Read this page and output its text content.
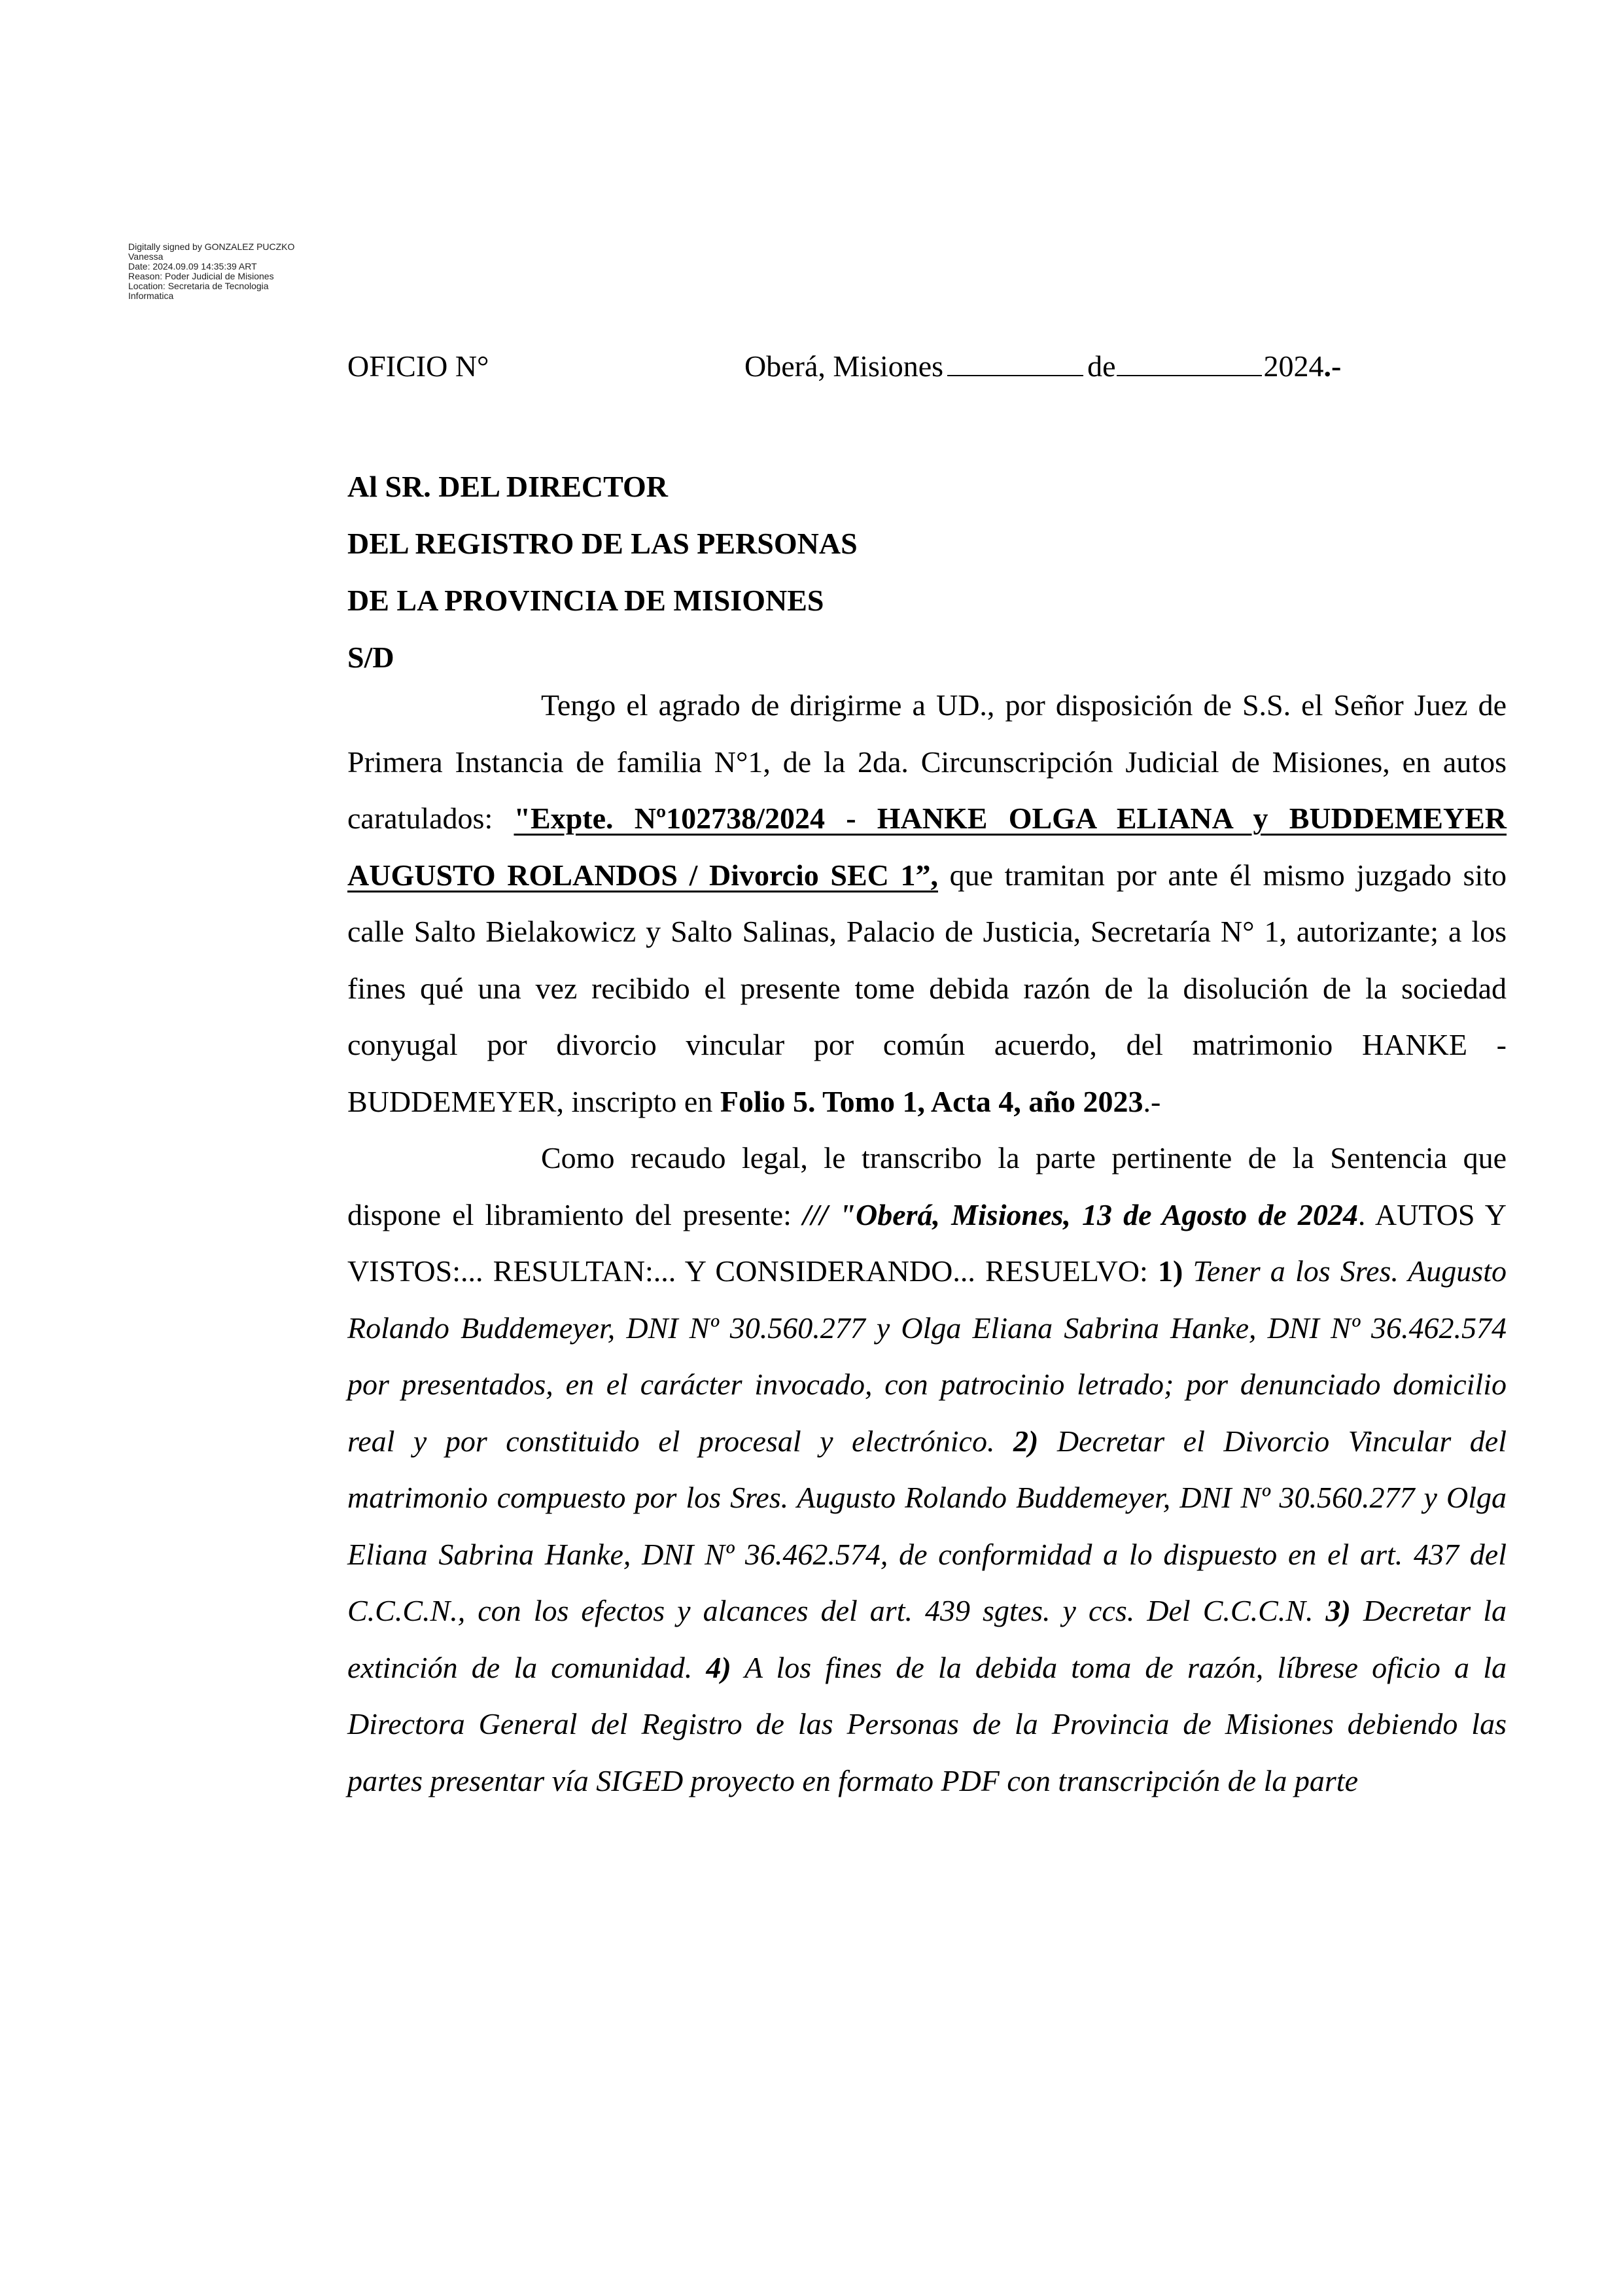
Digitally signed by GONZALEZ PUCZKO
Vanessa
Date: 2024.09.09 14:35:39 ART
Reason: Poder Judicial de Misiones
Location: Secretaria de Tecnologia
Informatica
OFICIO N°	Oberá, Misiones	de	2024.-
Al SR. DEL DIRECTOR
DEL REGISTRO DE LAS PERSONAS
DE LA PROVINCIA DE MISIONES
S/D

Tengo el agrado de dirigirme a UD., por disposición de S.S. el Señor Juez de Primera Instancia de familia N°1, de la 2da. Circunscripción Judicial de Misiones, en autos caratulados: "Expte. Nº102738/2024 - HANKE OLGA ELIANA y BUDDEMEYER AUGUSTO ROLANDOS / Divorcio SEC 1”, que tramitan por ante él mismo juzgado sito calle Salto Bielakowicz y Salto Salinas, Palacio de Justicia, Secretaría N° 1, autorizante; a los fines qué una vez recibido el presente tome debida razón de la disolución de la sociedad conyugal por divorcio vincular por común acuerdo, del matrimonio HANKE - BUDDEMEYER, inscripto en Folio 5. Tomo 1, Acta 4, año 2023.-

Como recaudo legal, le transcribo la parte pertinente de la Sentencia que dispone el libramiento del presente: /// "Oberá, Misiones, 13 de Agosto de 2024. AUTOS Y VISTOS:... RESULTAN:... Y CONSIDERANDO... RESUELVO: 1) Tener a los Sres. Augusto Rolando Buddemeyer, DNI Nº 30.560.277 y Olga Eliana Sabrina Hanke, DNI Nº 36.462.574 por presentados, en el carácter invocado, con patrocinio letrado; por denunciado domicilio real y por constituido el procesal y electrónico. 2) Decretar el Divorcio Vincular del matrimonio compuesto por los Sres. Augusto Rolando Buddemeyer, DNI Nº 30.560.277 y Olga Eliana Sabrina Hanke, DNI Nº 36.462.574, de conformidad a lo dispuesto en el art. 437 del C.C.C.N., con los efectos y alcances del art. 439 sgtes. y ccs. Del C.C.C.N. 3) Decretar la extinción de la comunidad. 4) A los fines de la debida toma de razón, líbrese oficio a la Directora General del Registro de las Personas de la Provincia de Misiones debiendo las partes presentar vía SIGED proyecto en formato PDF con transcripción de la parte
